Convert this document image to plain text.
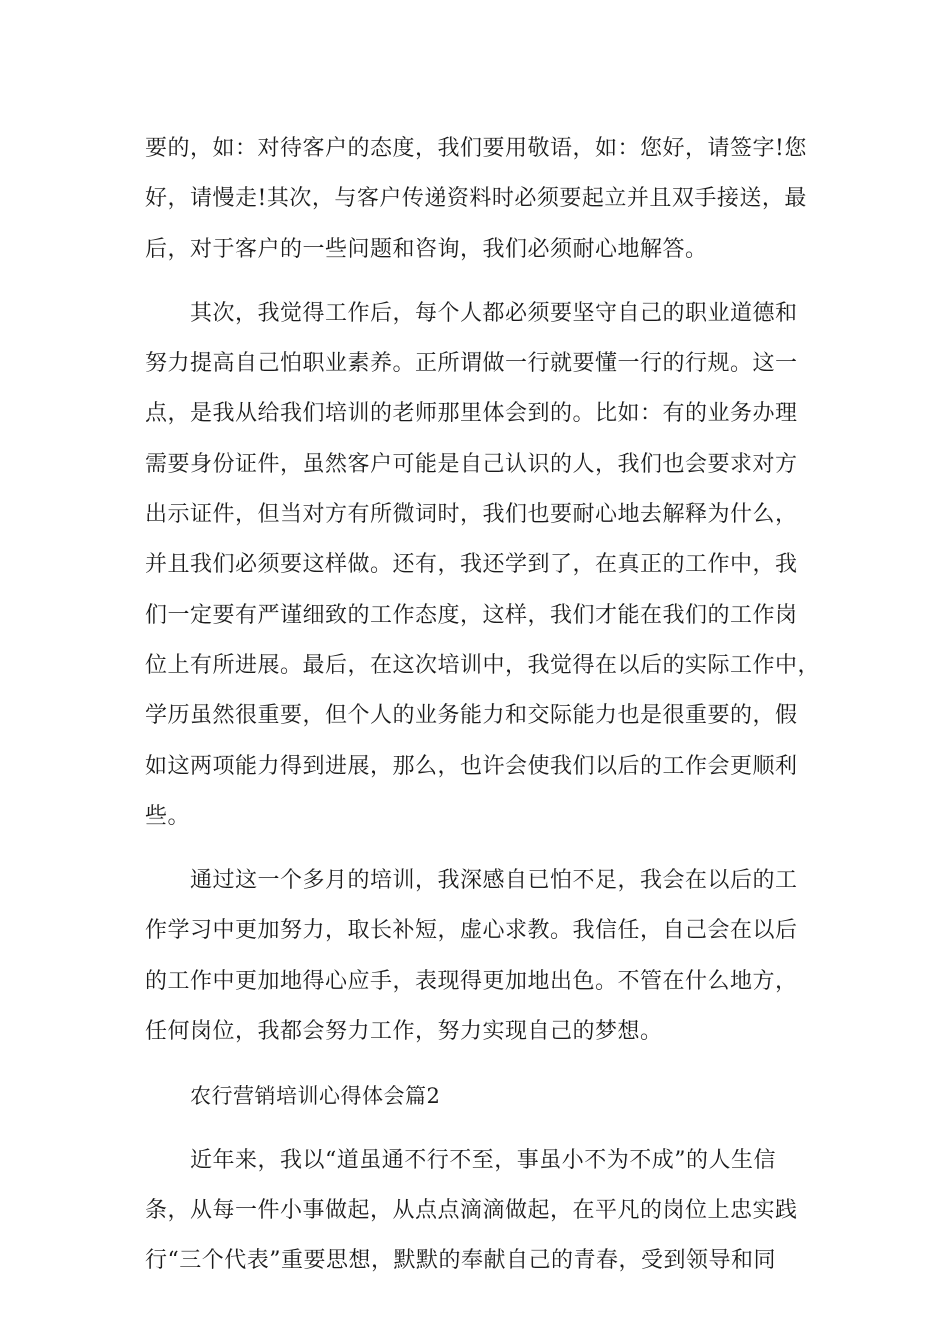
要的，如：对待客户的态度，我们要用敬语，如：您好，请签字!您
好，请慢走!其次，与客户传递资料时必须要起立并且双手接送，最
后，对于客户的一些问题和咨询，我们必须耐心地解答。
其次，我觉得工作后，每个人都必须要坚守自己的职业道德和
努力提高自己怕职业素养。正所谓做一行就要懂一行的行规。这一
点，是我从给我们培训的老师那里体会到的。比如：有的业务办理
需要身份证件，虽然客户可能是自己认识的人，我们也会要求对方
出示证件，但当对方有所微词时，我们也要耐心地去解释为什么，
并且我们必须要这样做。还有，我还学到了，在真正的工作中，我
们一定要有严谨细致的工作态度，这样，我们才能在我们的工作岗
位上有所进展。最后，在这次培训中，我觉得在以后的实际工作中，
学历虽然很重要，但个人的业务能力和交际能力也是很重要的，假
如这两项能力得到进展，那么，也许会使我们以后的工作会更顺利
些。
通过这一个多月的培训，我深感自已怕不足，我会在以后的工
作学习中更加努力，取长补短，虚心求教。我信任，自己会在以后
的工作中更加地得心应手，表现得更加地出色。不管在什么地方，
任何岗位，我都会努力工作，努力实现自己的梦想。
农行营销培训心得体会篇2
近年来，我以“道虽通不行不至，事虽小不为不成”的人生信
条，从每一件小事做起，从点点滴滴做起，在平凡的岗位上忠实践
行“三个代表”重要思想，默默的奉献自己的青春，受到领导和同
